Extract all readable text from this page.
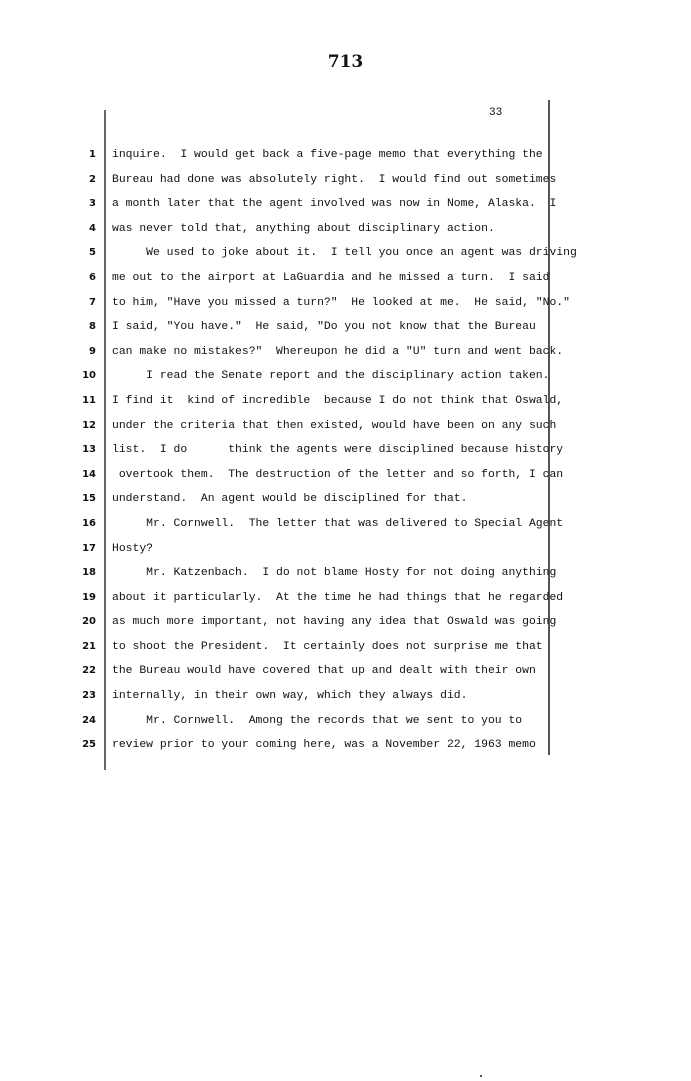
713
33
1
2
3
4
5
6
7
8
9
10
11
12
13
14
15
16
17
18
19
20
21
22
23
24
25
inquire.  I would get back a five-page memo that everything the
Bureau had done was absolutely right.  I would find out sometimes
a month later that the agent involved was now in Nome, Alaska.  I
was never told that, anything about disciplinary action.
We used to joke about it.  I tell you once an agent was driving
me out to the airport at LaGuardia and he missed a turn.  I said
to him, "Have you missed a turn?"  He looked at me.  He said, "No."
I said, "You have."  He said, "Do you not know that the Bureau
can make no mistakes?"  Whereupon he did a "U" turn and went back.
I read the Senate report and the disciplinary action taken.
I find it  kind of incredible  because I do not think that Oswald,
under the criteria that then existed, would have been on any such
list.  I do      think the agents were disciplined because history
overtook them.  The destruction of the letter and so forth, I can
understand.  An agent would be disciplined for that.
Mr. Cornwell.  The letter that was delivered to Special Agent
Hosty?
Mr. Katzenbach.  I do not blame Hosty for not doing anything
about it particularly.  At the time he had things that he regarded
as much more important, not having any idea that Oswald was going
to shoot the President.  It certainly does not surprise me that
the Bureau would have covered that up and dealt with their own
internally, in their own way, which they always did.
Mr. Cornwell.  Among the records that we sent to you to
review prior to your coming here, was a November 22, 1963 memo
